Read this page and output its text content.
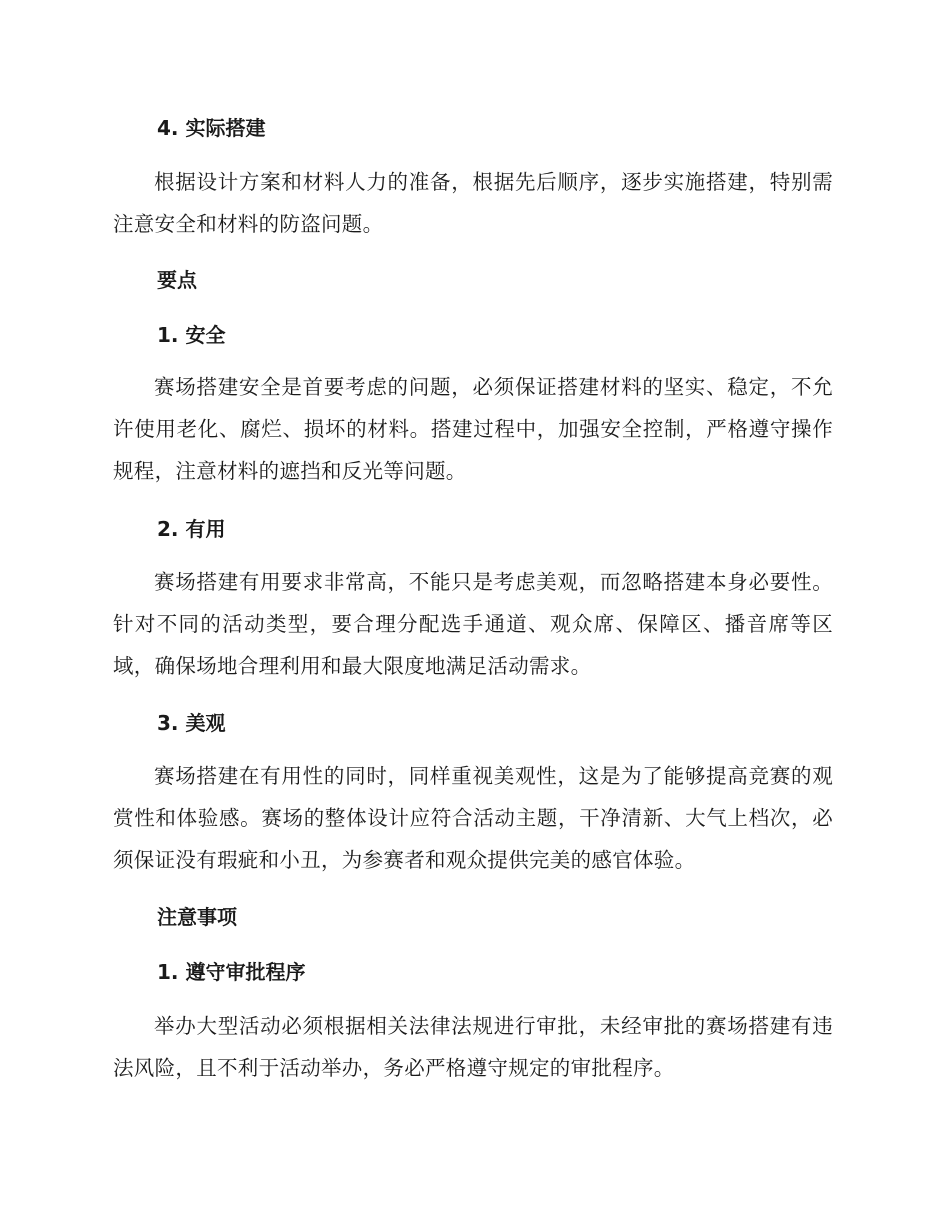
4. 实际搭建

根据设计方案和材料人力的准备，根据先后顺序，逐步实施搭建，特别需注意安全和材料的防盗问题。

要点
1. 安全

赛场搭建安全是首要考虑的问题，必须保证搭建材料的坚实、稳定，不允许使用老化、腐烂、损坏的材料。搭建过程中，加强安全控制，严格遵守操作规程，注意材料的遮挡和反光等问题。

2. 有用

赛场搭建有用要求非常高，不能只是考虑美观，而忽略搭建本身必要性。针对不同的活动类型，要合理分配选手通道、观众席、保障区、播音席等区域，确保场地合理利用和最大限度地满足活动需求。

3. 美观

赛场搭建在有用性的同时，同样重视美观性，这是为了能够提高竞赛的观赏性和体验感。赛场的整体设计应符合活动主题，干净清新、大气上档次，必须保证没有瑕疵和小丑，为参赛者和观众提供完美的感官体验。

注意事项
1. 遵守审批程序

举办大型活动必须根据相关法律法规进行审批，未经审批的赛场搭建有违法风险，且不利于活动举办，务必严格遵守规定的审批程序。
